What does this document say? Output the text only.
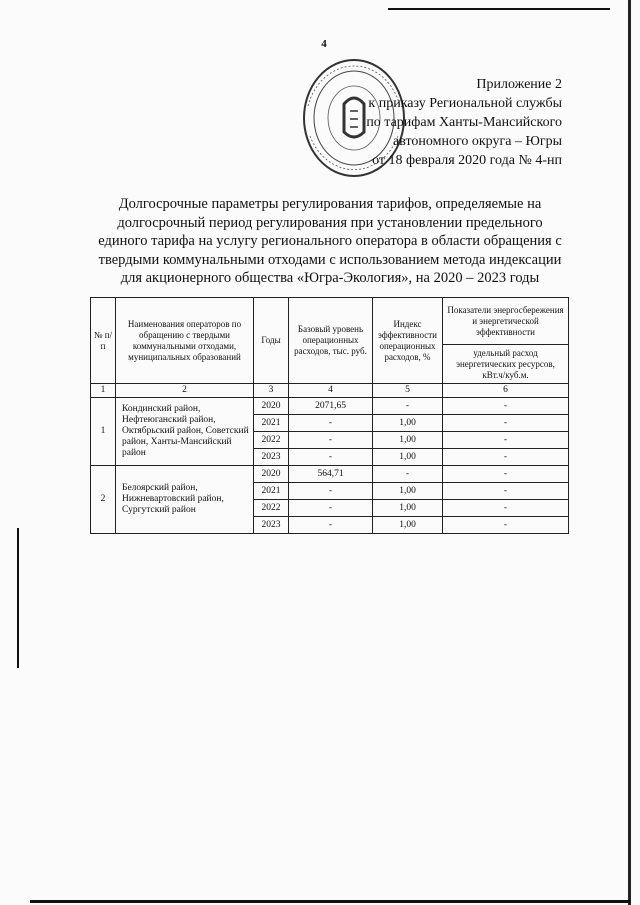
4
Приложение 2
к приказу Региональной службы
по тарифам Ханты-Мансийского
автономного округа – Югры
от 18 февраля 2020 года № 4-нп
Долгосрочные параметры регулирования тарифов, определяемые на долгосрочный период регулирования при установлении предельного единого тарифа на услугу регионального оператора в области обращения с твердыми коммунальными отходами с использованием метода индексации для акционерного общества «Югра-Экология», на 2020 – 2023 годы
№ п/п	Наименования операторов по обращению с твердыми коммунальными отходами, муниципальных образований	Годы	Базовый уровень операционных расходов, тыс. руб.	Индекс эффективности операционных расходов, %	Показатели энергосбережения и энергетической эффективности
					удельный расход энергетических ресурсов, кВт.ч/куб.м.
1	2	3	4	5	6
1	Кондинский район, Нефтеюганский район, Октябрьский район, Советский район, Ханты-Мансийский район	2020	2071,65	-	-
		2021	-	1,00	-
		2022	-	1,00	-
		2023	-	1,00	-
2	Белоярский район, Нижневартовский район, Сургутский район	2020	564,71	-	-
		2021	-	1,00	-
		2022	-	1,00	-
		2023	-	1,00	-
